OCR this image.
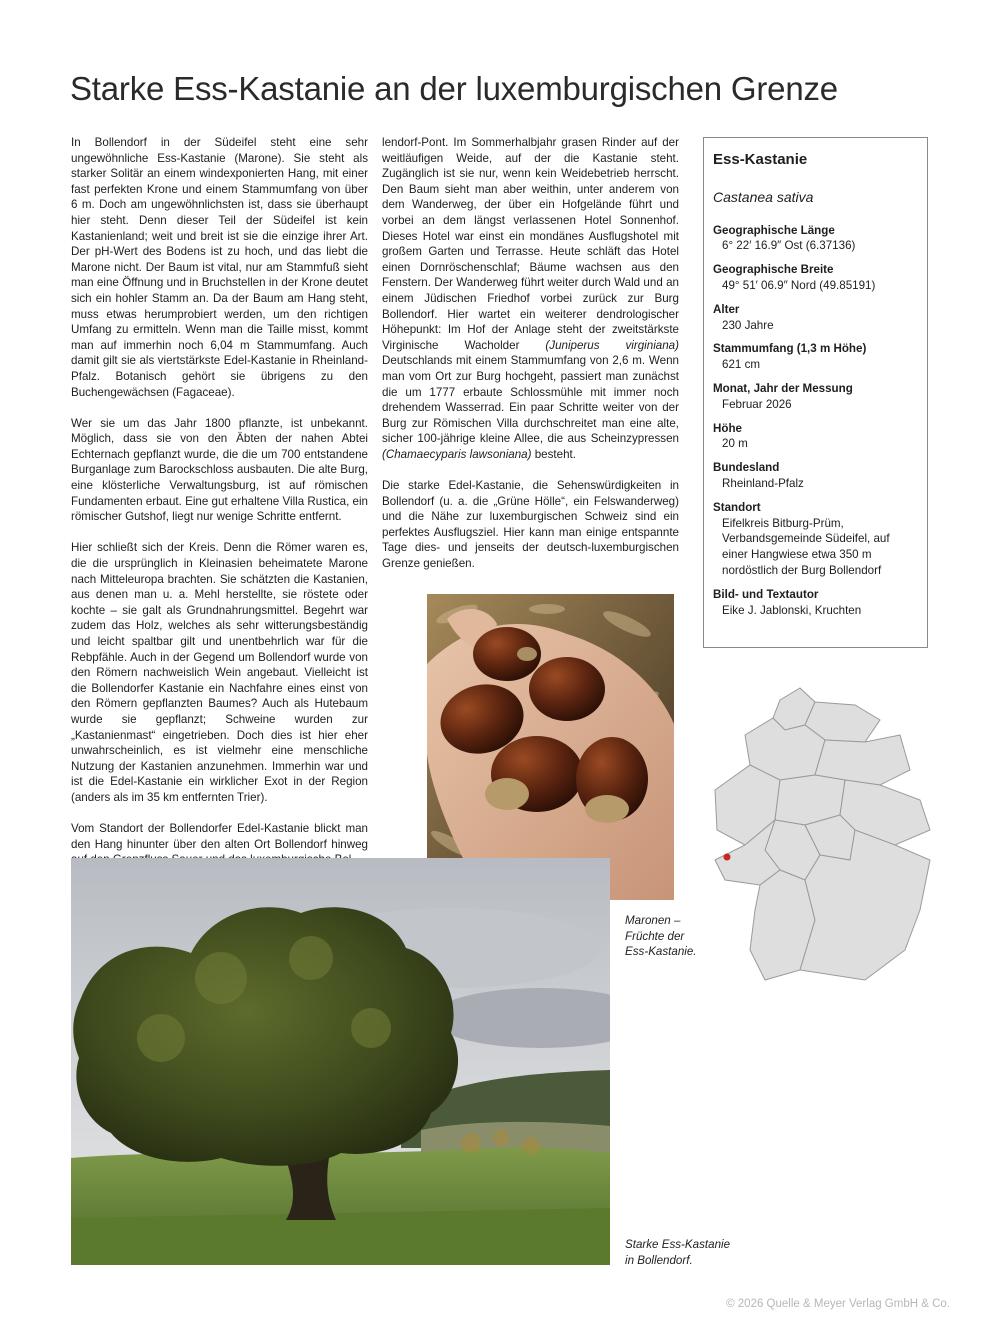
Starke Ess-Kastanie an der luxemburgischen Grenze

In Bollendorf in der Südeifel steht eine sehr ungewöhnliche Ess-Kastanie (Marone). Sie steht als starker Solitär an einem windexponierten Hang, mit einer fast perfekten Krone und einem Stammumfang von über 6 m. Doch am ungewöhnlichsten ist, dass sie überhaupt hier steht. Denn dieser Teil der Südeifel ist kein Kastanienland; weit und breit ist sie die einzige ihrer Art. Der pH-Wert des Bodens ist zu hoch, und das liebt die Marone nicht. Der Baum ist vital, nur am Stammfuß sieht man eine Öffnung und in Bruchstellen in der Krone deutet sich ein hohler Stamm an. Da der Baum am Hang steht, muss etwas herumprobiert werden, um den richtigen Umfang zu ermitteln. Wenn man die Taille misst, kommt man auf immerhin noch 6,04 m Stammumfang. Auch damit gilt sie als viertstärkste Edel-Kastanie in Rheinland-Pfalz. Botanisch gehört sie übrigens zu den Buchengewächsen (Fagaceae).

Wer sie um das Jahr 1800 pflanzte, ist unbekannt. Möglich, dass sie von den Äbten der nahen Abtei Echternach gepflanzt wurde, die die um 700 entstandene Burganlage zum Barockschloss ausbauten. Die alte Burg, eine klösterliche Verwaltungsburg, ist auf römischen Fundamenten erbaut. Eine gut erhaltene Villa Rustica, ein römischer Gutshof, liegt nur wenige Schritte entfernt.

Hier schließt sich der Kreis. Denn die Römer waren es, die die ursprünglich in Kleinasien beheimatete Marone nach Mitteleuropa brachten. Sie schätzten die Kastanien, aus denen man u. a. Mehl herstellte, sie röstete oder kochte – sie galt als Grundnahrungsmittel. Begehrt war zudem das Holz, welches als sehr witterungsbeständig und leicht spaltbar gilt und unentbehrlich war für die Rebpfähle. Auch in der Gegend um Bollendorf wurde von den Römern nachweislich Wein angebaut. Vielleicht ist die Bollendorfer Kastanie ein Nachfahre eines einst von den Römern gepflanzten Baumes? Auch als Hutebaum wurde sie gepflanzt; Schweine wurden zur „Kastanienmast“ eingetrieben. Doch dies ist hier eher unwahrscheinlich, es ist vielmehr eine menschliche Nutzung der Kastanien anzunehmen. Immerhin war und ist die Edel-Kastanie ein wirklicher Exot in der Region (anders als im 35 km entfernten Trier).

Vom Standort der Bollendorfer Edel-Kastanie blickt man den Hang hinunter über den alten Ort Bollendorf hinweg

lendorf-Pont. Im Sommerhalbjahr grasen Rinder auf der weitläufigen Weide, auf der die Kastanie steht. Zugänglich ist sie nur, wenn kein Weidebetrieb herrscht. Den Baum sieht man aber weithin, unter anderem von dem Wanderweg, der über ein Hofgelände führt und vorbei an dem längst verlassenen Hotel Sonnenhof. Dieses Hotel war einst ein mondänes Ausflugshotel mit großem Garten und Terrasse. Heute schläft das Hotel einen Dornröschenschlaf; Bäume wachsen aus den Fenstern. Der Wanderweg führt weiter durch Wald und an einem Jüdischen Friedhof vorbei zurück zur Burg Bollendorf. Hier wartet ein weiterer dendrologischer Höhepunkt: Im Hof der Anlage steht der zweitstärkste Virginische Wacholder (Juniperus virginiana) Deutschlands mit einem Stammumfang von 2,6 m. Wenn man vom Ort zur Burg hochgeht, passiert man zunächst die um 1777 erbaute Schlossmühle mit immer noch drehendem Wasserrad. Ein paar Schritte weiter von der Burg zur Römischen Villa durchschreitet man eine alte, sicher 100-jährige kleine Allee, die aus Scheinzypressen (Chamaecyparis lawsoniana) besteht.

Die starke Edel-Kastanie, die Sehenswürdigkeiten in Bollendorf (u. a. die „Grüne Hölle“, ein Felswanderweg) und die Nähe zur luxemburgischen Schweiz sind ein perfektes Ausflugsziel. Hier kann man einige entspannte Tage dies- und jenseits der deutsch-luxemburgischen Grenze genießen.

Ess-Kastanie
Castanea sativa
Geographische Länge
6° 22′ 16.9″ Ost (6.37136)
Geographische Breite
49° 51′ 06.9″ Nord (49.85191)
Alter
230 Jahre
Stammumfang (1,3 m Höhe)
621 cm
Monat, Jahr der Messung
Februar 2026
Höhe
20 m
Bundesland
Rheinland-Pfalz
Standort
Eifelkreis Bitburg-Prüm,
Verbandsgemeinde Südeifel, auf
einer Hangwiese etwa 350 m
nordöstlich der Burg Bollendorf
Bild- und Textautor
Eike J. Jablonski, Kruchten
Maronen –
Früchte der
Ess-Kastanie.
Starke Ess-Kastanie
in Bollendorf.
© 2026 Quelle & Meyer Verlag GmbH & Co.
